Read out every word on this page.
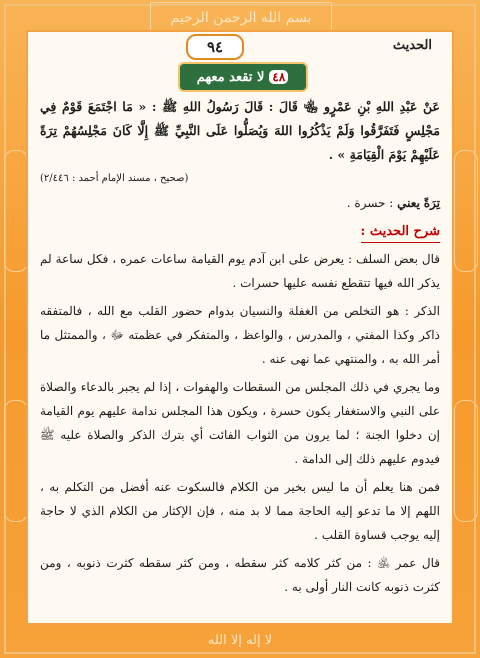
بسم الله الرحمن الرحيم
لا إله إلا الله
٩٤	الحديث
٤٨
لا تقعد معهم

عَنْ عَبْدِ اللهِ بْنِ عَمْرٍو ﵄ قَالَ : قَالَ رَسُولُ اللهِ ﷺ : « مَا اجْتَمَعَ قَوْمٌ فِي مَجْلِسٍ فَتَفَرَّقُوا وَلَمْ يَذْكُرُوا اللهَ وَيُصَلُّوا عَلَى النَّبِيِّ ﷺ إِلَّا كَانَ مَجْلِسُهُمْ تِرَةً عَلَيْهِمْ يَوْمَ الْقِيَامَةِ » .

(صحيح ، مسند الإمام أحمد : ٢/٤٤٦)

تِرَةً يعني : حسرة .

شرح الحديث :

قال بعض السلف : يعرض على ابن آدم يوم القيامة ساعات عمره ، فكل ساعة لم يذكر الله فيها تتقطع نفسه عليها حسرات .

الذكر : هو التخلص من الغفلة والنسيان بدوام حضور القلب مع الله ، فالمتفقه ذاكر وكذا المفتي ، والمدرس ، والواعظ ، والمتفكر في عظمته ﷻ ، والممتثل ما أمر الله به ، والمنتهي عما نهى عنه .

وما يجري في ذلك المجلس من السقطات والهفوات ، إذا لم يجبر بالدعاء والصلاة على النبي والاستغفار يكون حسرة ، ويكون هذا المجلس ندامة عليهم يوم القيامة إن دخلوا الجنة ؛ لما يرون من الثواب الفائت أي بترك الذكر والصلاة عليه ﷺ فيدوم عليهم ذلك إلى الدامة .

فمن هنا يعلم أن ما ليس بخير من الكلام فالسكوت عنه أفضل من التكلم به ، اللهم إلا ما تدعو إليه الحاجة مما لا بد منه ، فإن الإكثار من الكلام الذي لا حاجة إليه يوجب قساوة القلب .

قال عمر ﵁ : من كثر كلامه كثر سقطه ، ومن كثر سقطه كثرت ذنوبه ، ومن كثرت ذنوبه كانت النار أولى به .
